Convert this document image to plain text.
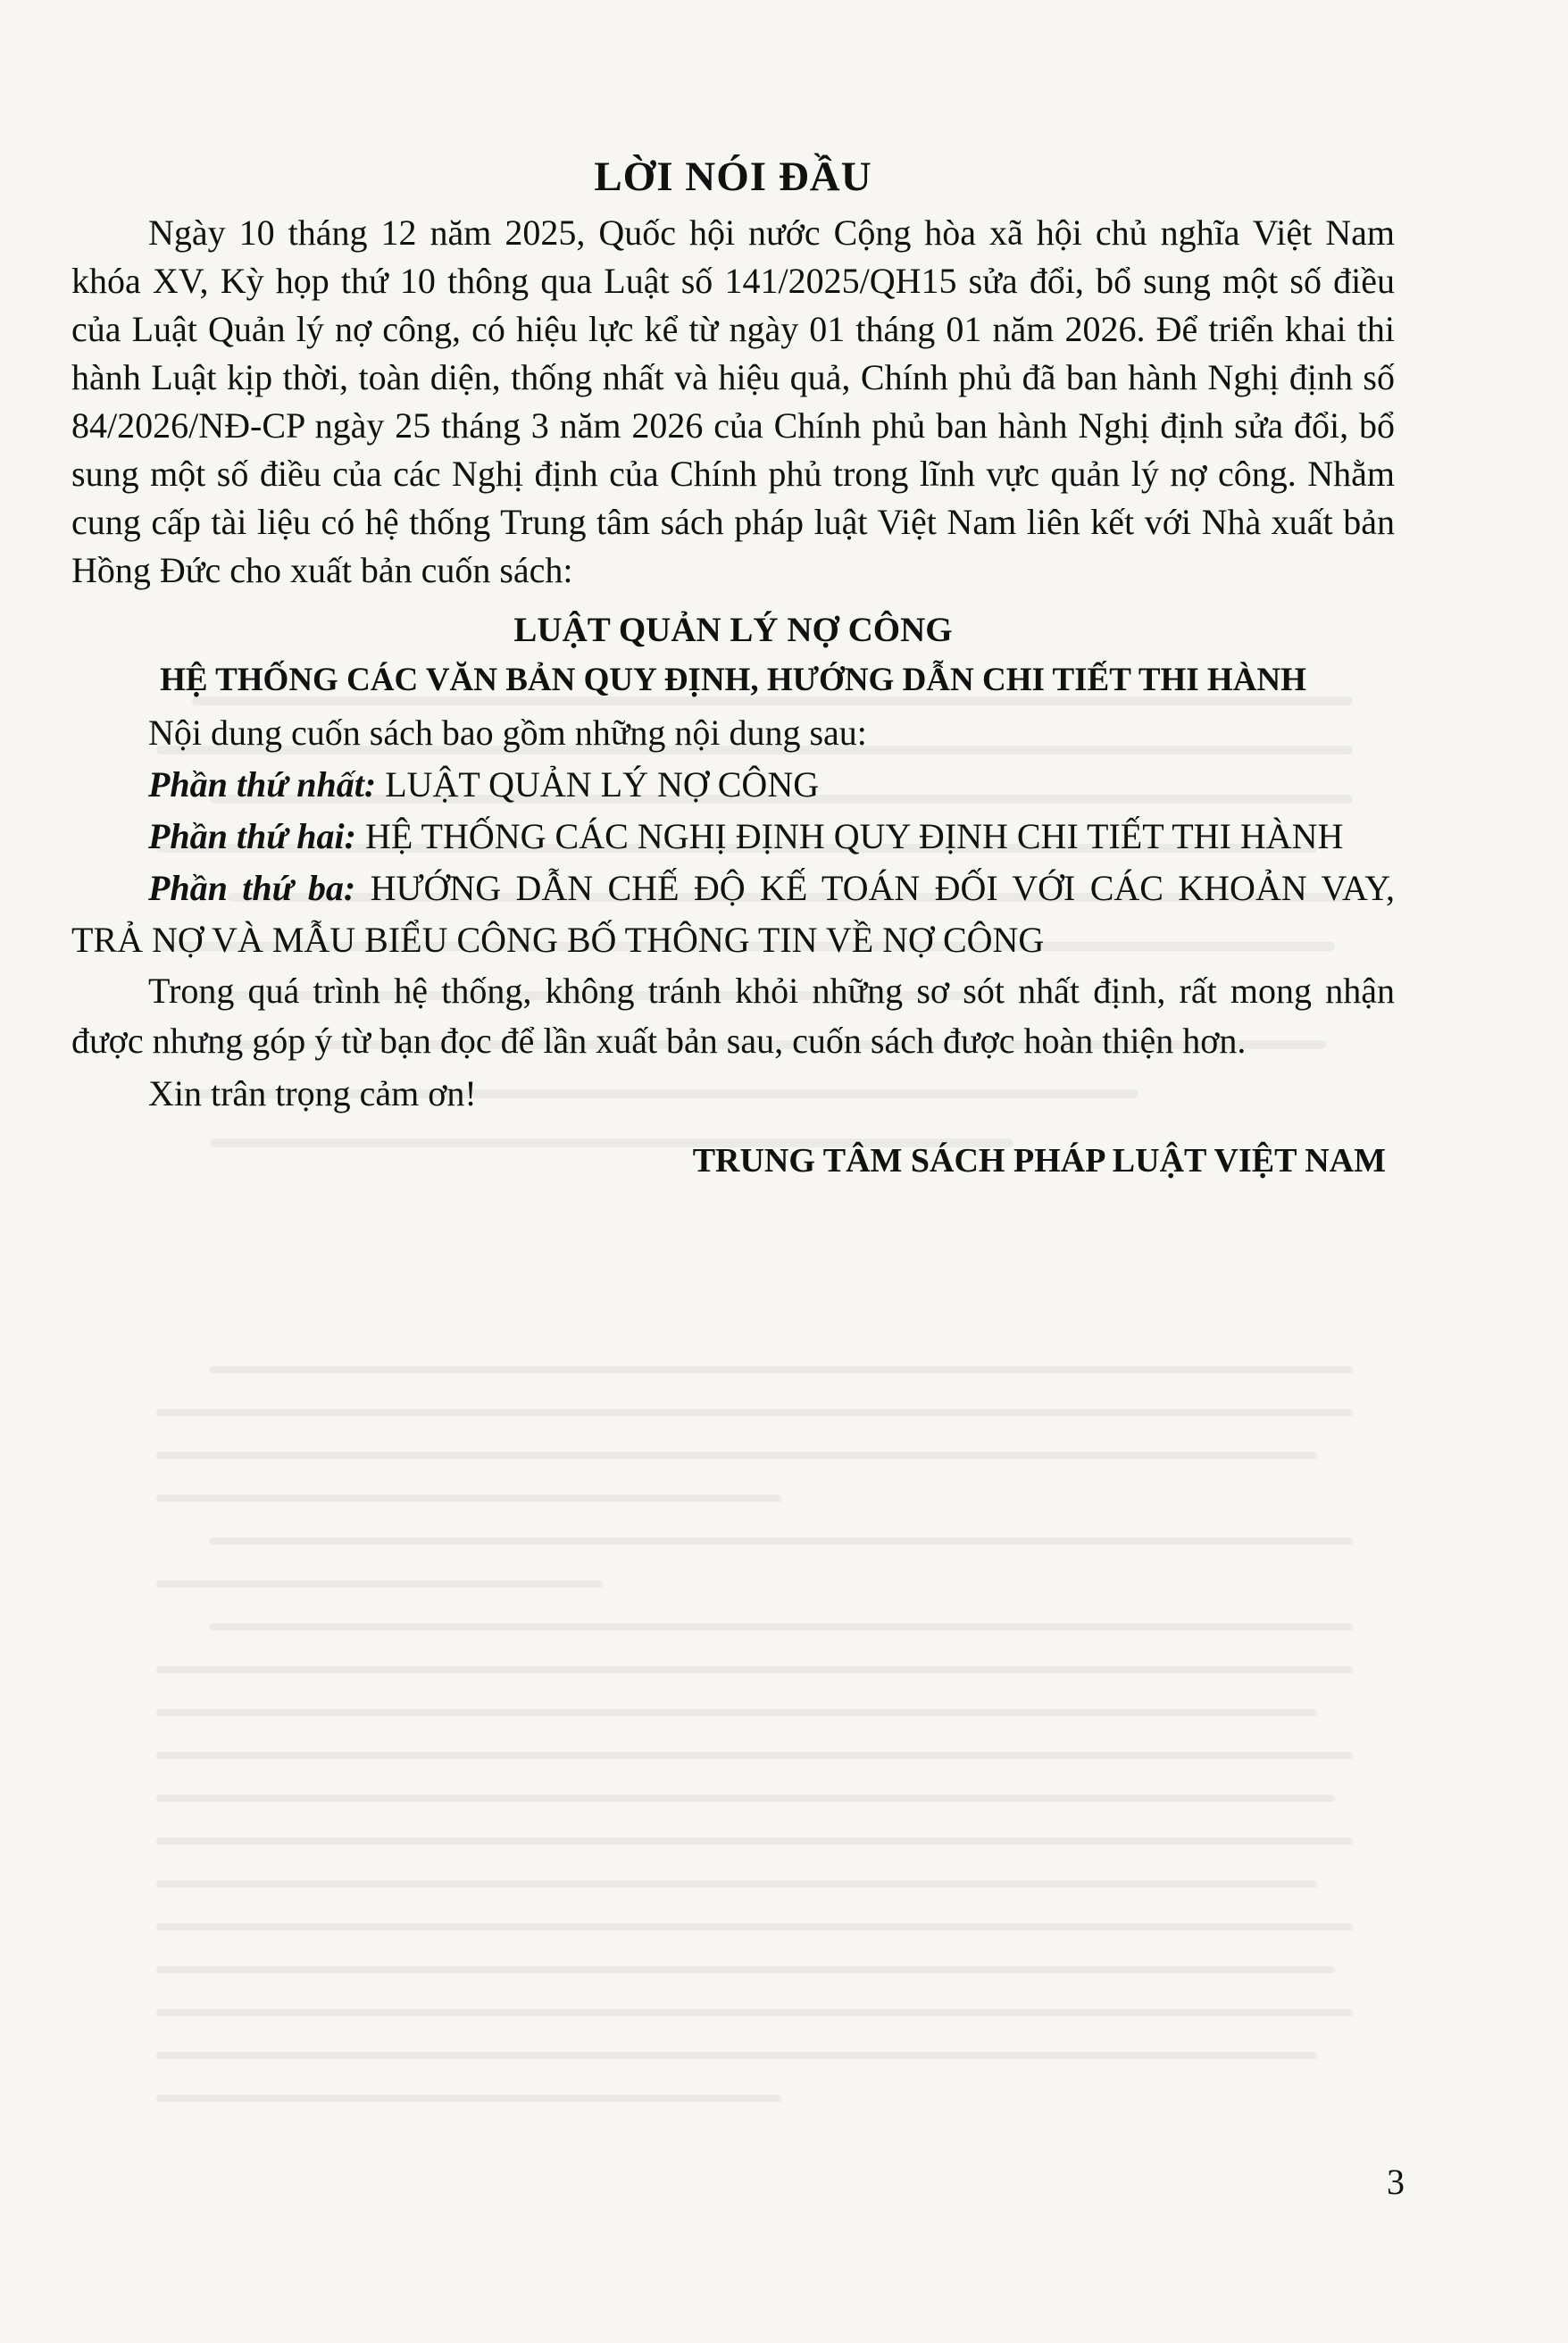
LỜI NÓI ĐẦU

Ngày 10 tháng 12 năm 2025, Quốc hội nước Cộng hòa xã hội chủ nghĩa Việt Nam khóa XV, Kỳ họp thứ 10 thông qua Luật số 141/2025/QH15 sửa đổi, bổ sung một số điều của Luật Quản lý nợ công, có hiệu lực kể từ ngày 01 tháng 01 năm 2026. Để triển khai thi hành Luật kịp thời, toàn diện, thống nhất và hiệu quả, Chính phủ đã ban hành Nghị định số 84/2026/NĐ-CP ngày 25 tháng 3 năm 2026 của Chính phủ ban hành Nghị định sửa đổi, bổ sung một số điều của các Nghị định của Chính phủ trong lĩnh vực quản lý nợ công. Nhằm cung cấp tài liệu có hệ thống Trung tâm sách pháp luật Việt Nam liên kết với Nhà xuất bản Hồng Đức cho xuất bản cuốn sách:

LUẬT QUẢN LÝ NỢ CÔNG
HỆ THỐNG CÁC VĂN BẢN QUY ĐỊNH, HƯỚNG DẪN CHI TIẾT THI HÀNH

Nội dung cuốn sách bao gồm những nội dung sau:

Phần thứ nhất: LUẬT QUẢN LÝ NỢ CÔNG

Phần thứ hai: HỆ THỐNG CÁC NGHỊ ĐỊNH QUY ĐỊNH CHI TIẾT THI HÀNH

Phần thứ ba: HƯỚNG DẪN CHẾ ĐỘ KẾ TOÁN ĐỐI VỚI CÁC KHOẢN VAY, TRẢ NỢ VÀ MẪU BIỂU CÔNG BỐ THÔNG TIN VỀ NỢ CÔNG

Trong quá trình hệ thống, không tránh khỏi những sơ sót nhất định, rất mong nhận được nhưng góp ý từ bạn đọc để lần xuất bản sau, cuốn sách được hoàn thiện hơn.

Xin trân trọng cảm ơn!

TRUNG TÂM SÁCH PHÁP LUẬT VIỆT NAM
3
